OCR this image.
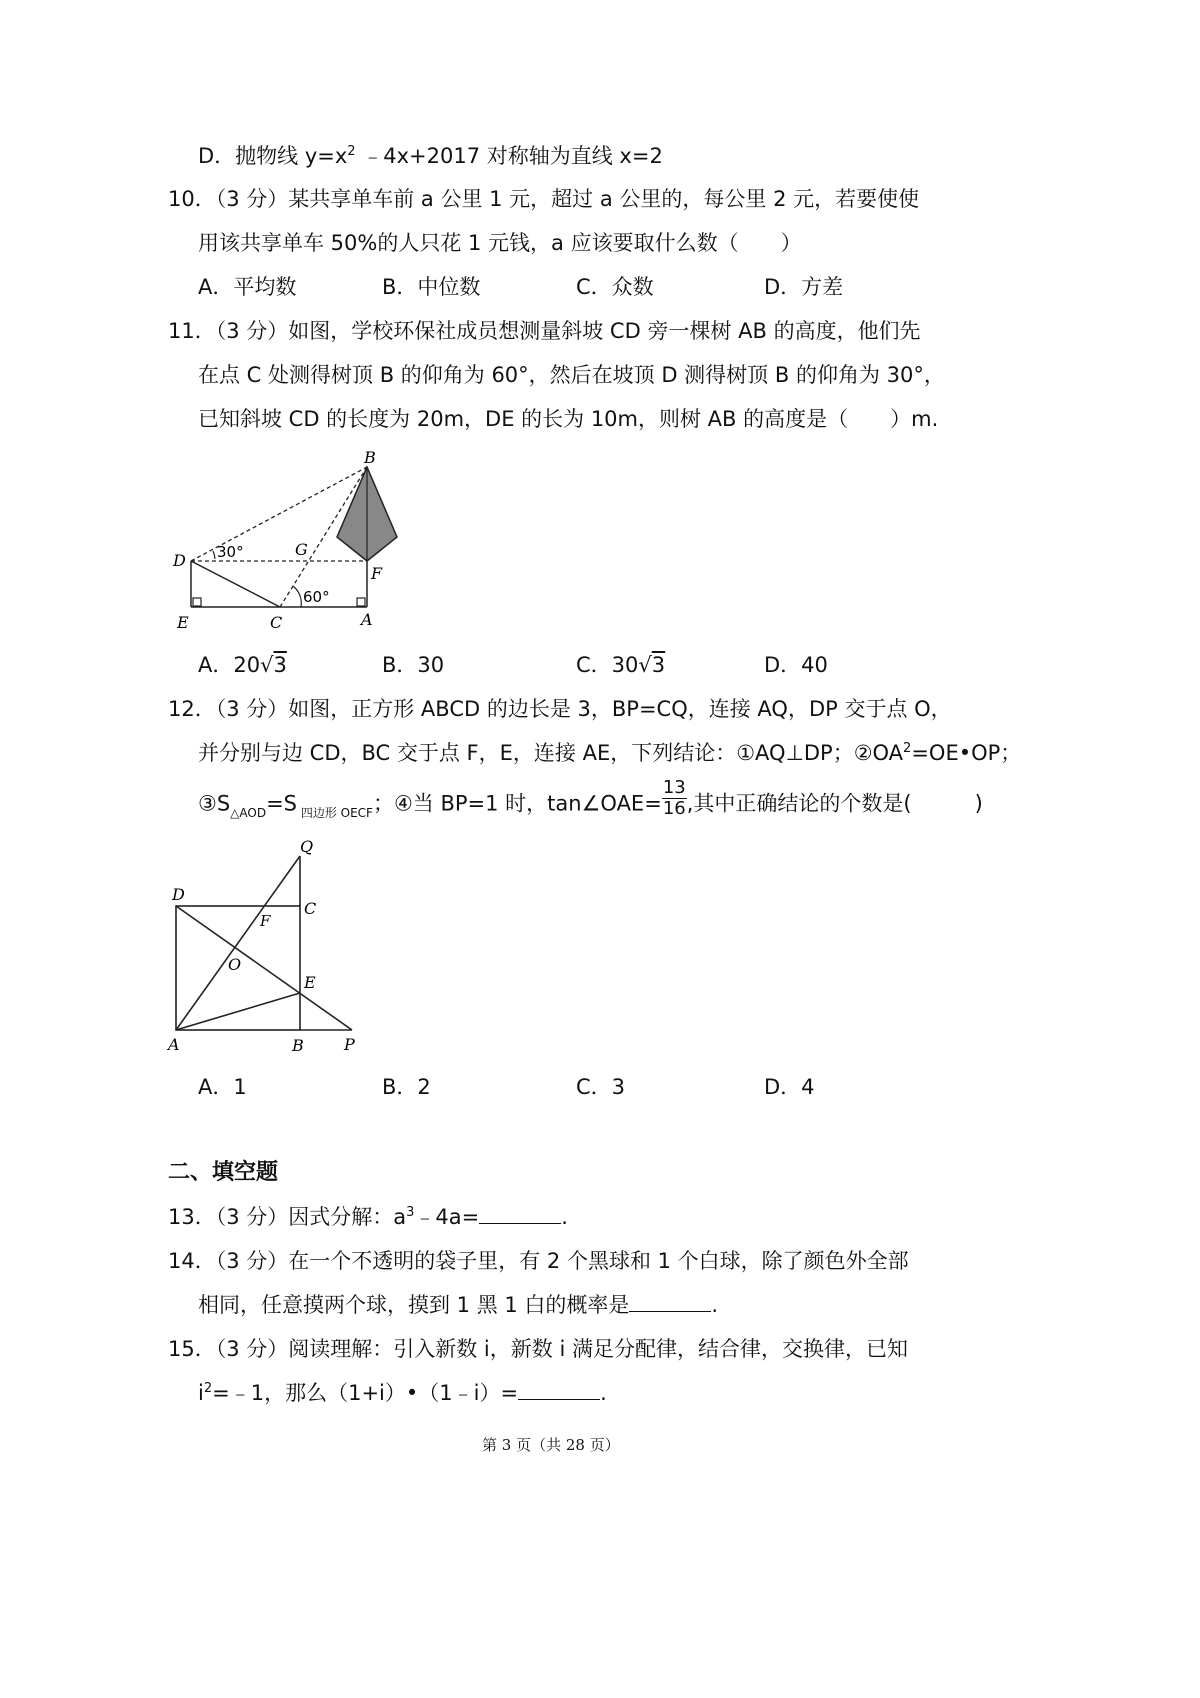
D．抛物线 $y=x^2$ ﹣4x+2017 对称轴为直线 x=2
10．（3 分）某共享单车前 a 公里 1 元，超过 a 公里的，每公里 2 元，若要使使
用该共享单车 50%的人只花 1 元钱，a 应该要取什么数（　　）
A．平均数	B．中位数	C．众数	D．方差
11．（3 分）如图，学校环保社成员想测量斜坡 CD 旁一棵树 AB 的高度，他们先
在点 C 处测得树顶 B 的仰角为 60°，然后在坡顶 D 测得树顶 B 的仰角为 30°，
已知斜坡 CD 的长度为 20m，DE 的长为 10m，则树 AB 的高度是（　　）m.
B
D
G
F
E	C	A
30°
60°
A．20√3	B．30	C．30√3	D．40
12．（3 分）如图，正方形 ABCD 的边长是 3，BP=CQ，连接 AQ，DP 交于点 O，
并分别与边 CD，BC 交于点 F，E，连接 AE，下列结论：①AQ⊥DP；$②OA^2=OE•OP$；
$③S_{\triangle AOD}=S$ $_{四边形 OECF}$；④当 BP=1 时，tan∠OAE= $\frac{13}{16}$ ,其中正确结论的个数是(　　　)
Q
D
C
F
O
E
A	B	P
A．1	B．2	C．3	D．4
二、填空题
13．（3 分）因式分解：$a^3﹣4a=$	.
14．（3 分）在一个不透明的袋子里，有 2 个黑球和 1 个白球，除了颜色外全部
相同，任意摸两个球，摸到 1 黑 1 白的概率是	.
15．（3 分）阅读理解：引入新数 i，新数 i 满足分配律，结合律，交换律，已知
$i^2=﹣1$，那么（1+i）•（1﹣i）=	.
第 3 页（共 28 页）
